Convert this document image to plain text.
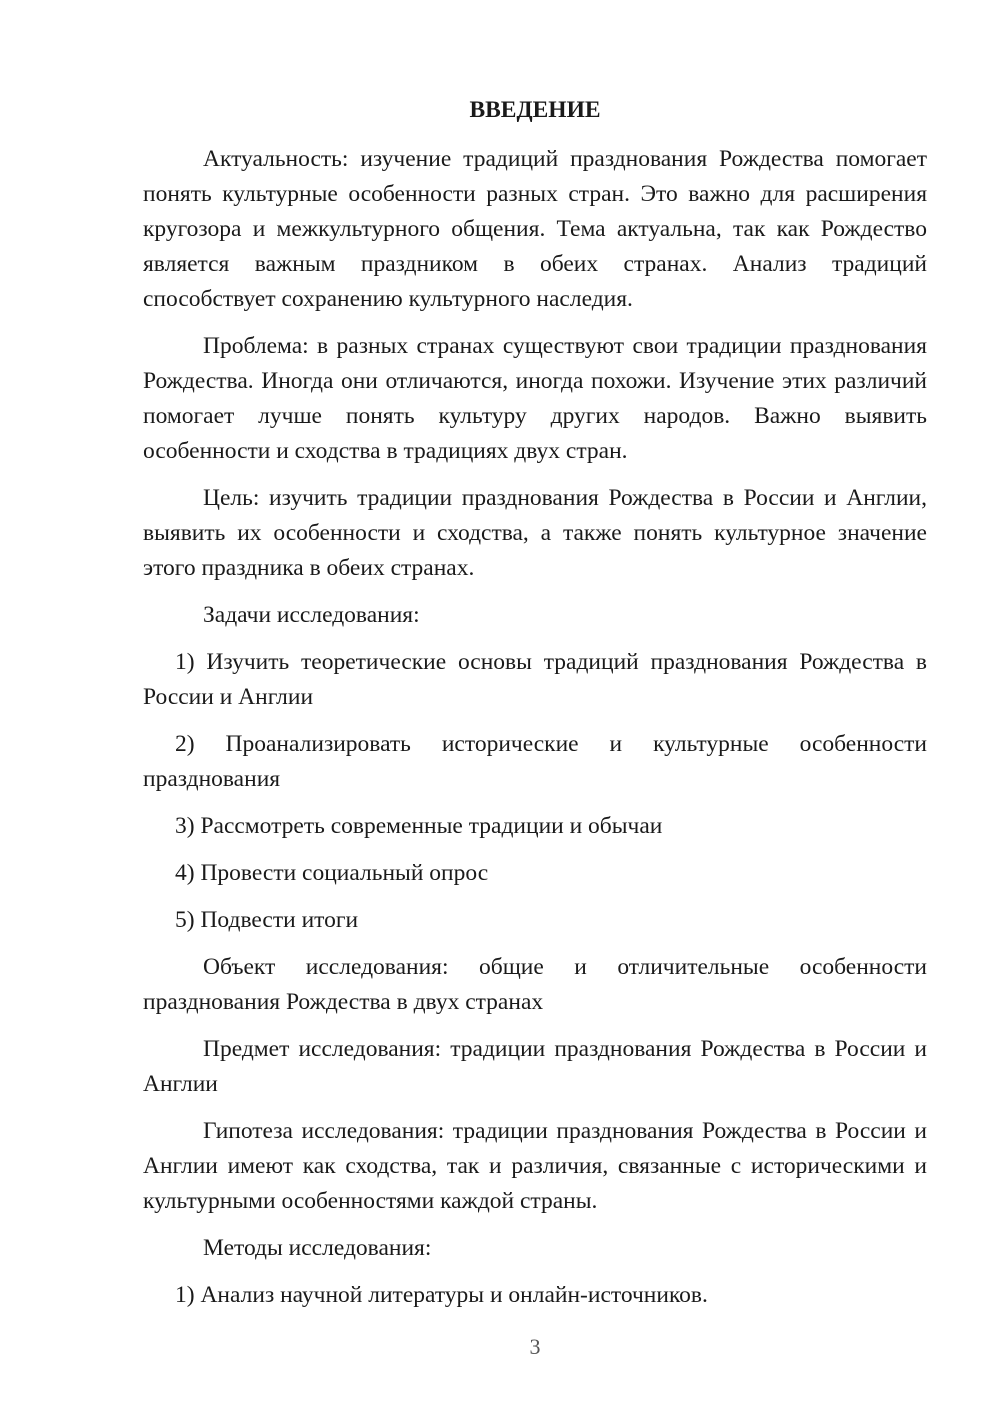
ВВЕДЕНИЕ

Актуальность: изучение традиций празднования Рождества помогает понять культурные особенности разных стран. Это важно для расширения кругозора и межкультурного общения. Тема актуальна, так как Рождество является важным праздником в обеих странах. Анализ традиций способствует сохранению культурного наследия.

Проблема: в разных странах существуют свои традиции празднования Рождества. Иногда они отличаются, иногда похожи. Изучение этих различий помогает лучше понять культуру других народов. Важно выявить особенности и сходства в традициях двух стран.

Цель: изучить традиции празднования Рождества в России и Англии, выявить их особенности и сходства, а также понять культурное значение этого праздника в обеих странах.

Задачи исследования:

1) Изучить теоретические основы традиций празднования Рождества в России и Англии

2) Проанализировать исторические и культурные особенности празднования

3) Рассмотреть современные традиции и обычаи

4) Провести социальный опрос

5) Подвести итоги

Объект исследования: общие и отличительные особенности празднования Рождества в двух странах

Предмет исследования: традиции празднования Рождества в России и Англии

Гипотеза исследования: традиции празднования Рождества в России и Англии имеют как сходства, так и различия, связанные с историческими и культурными особенностями каждой страны.

Методы исследования:

1) Анализ научной литературы и онлайн-источников.

3
